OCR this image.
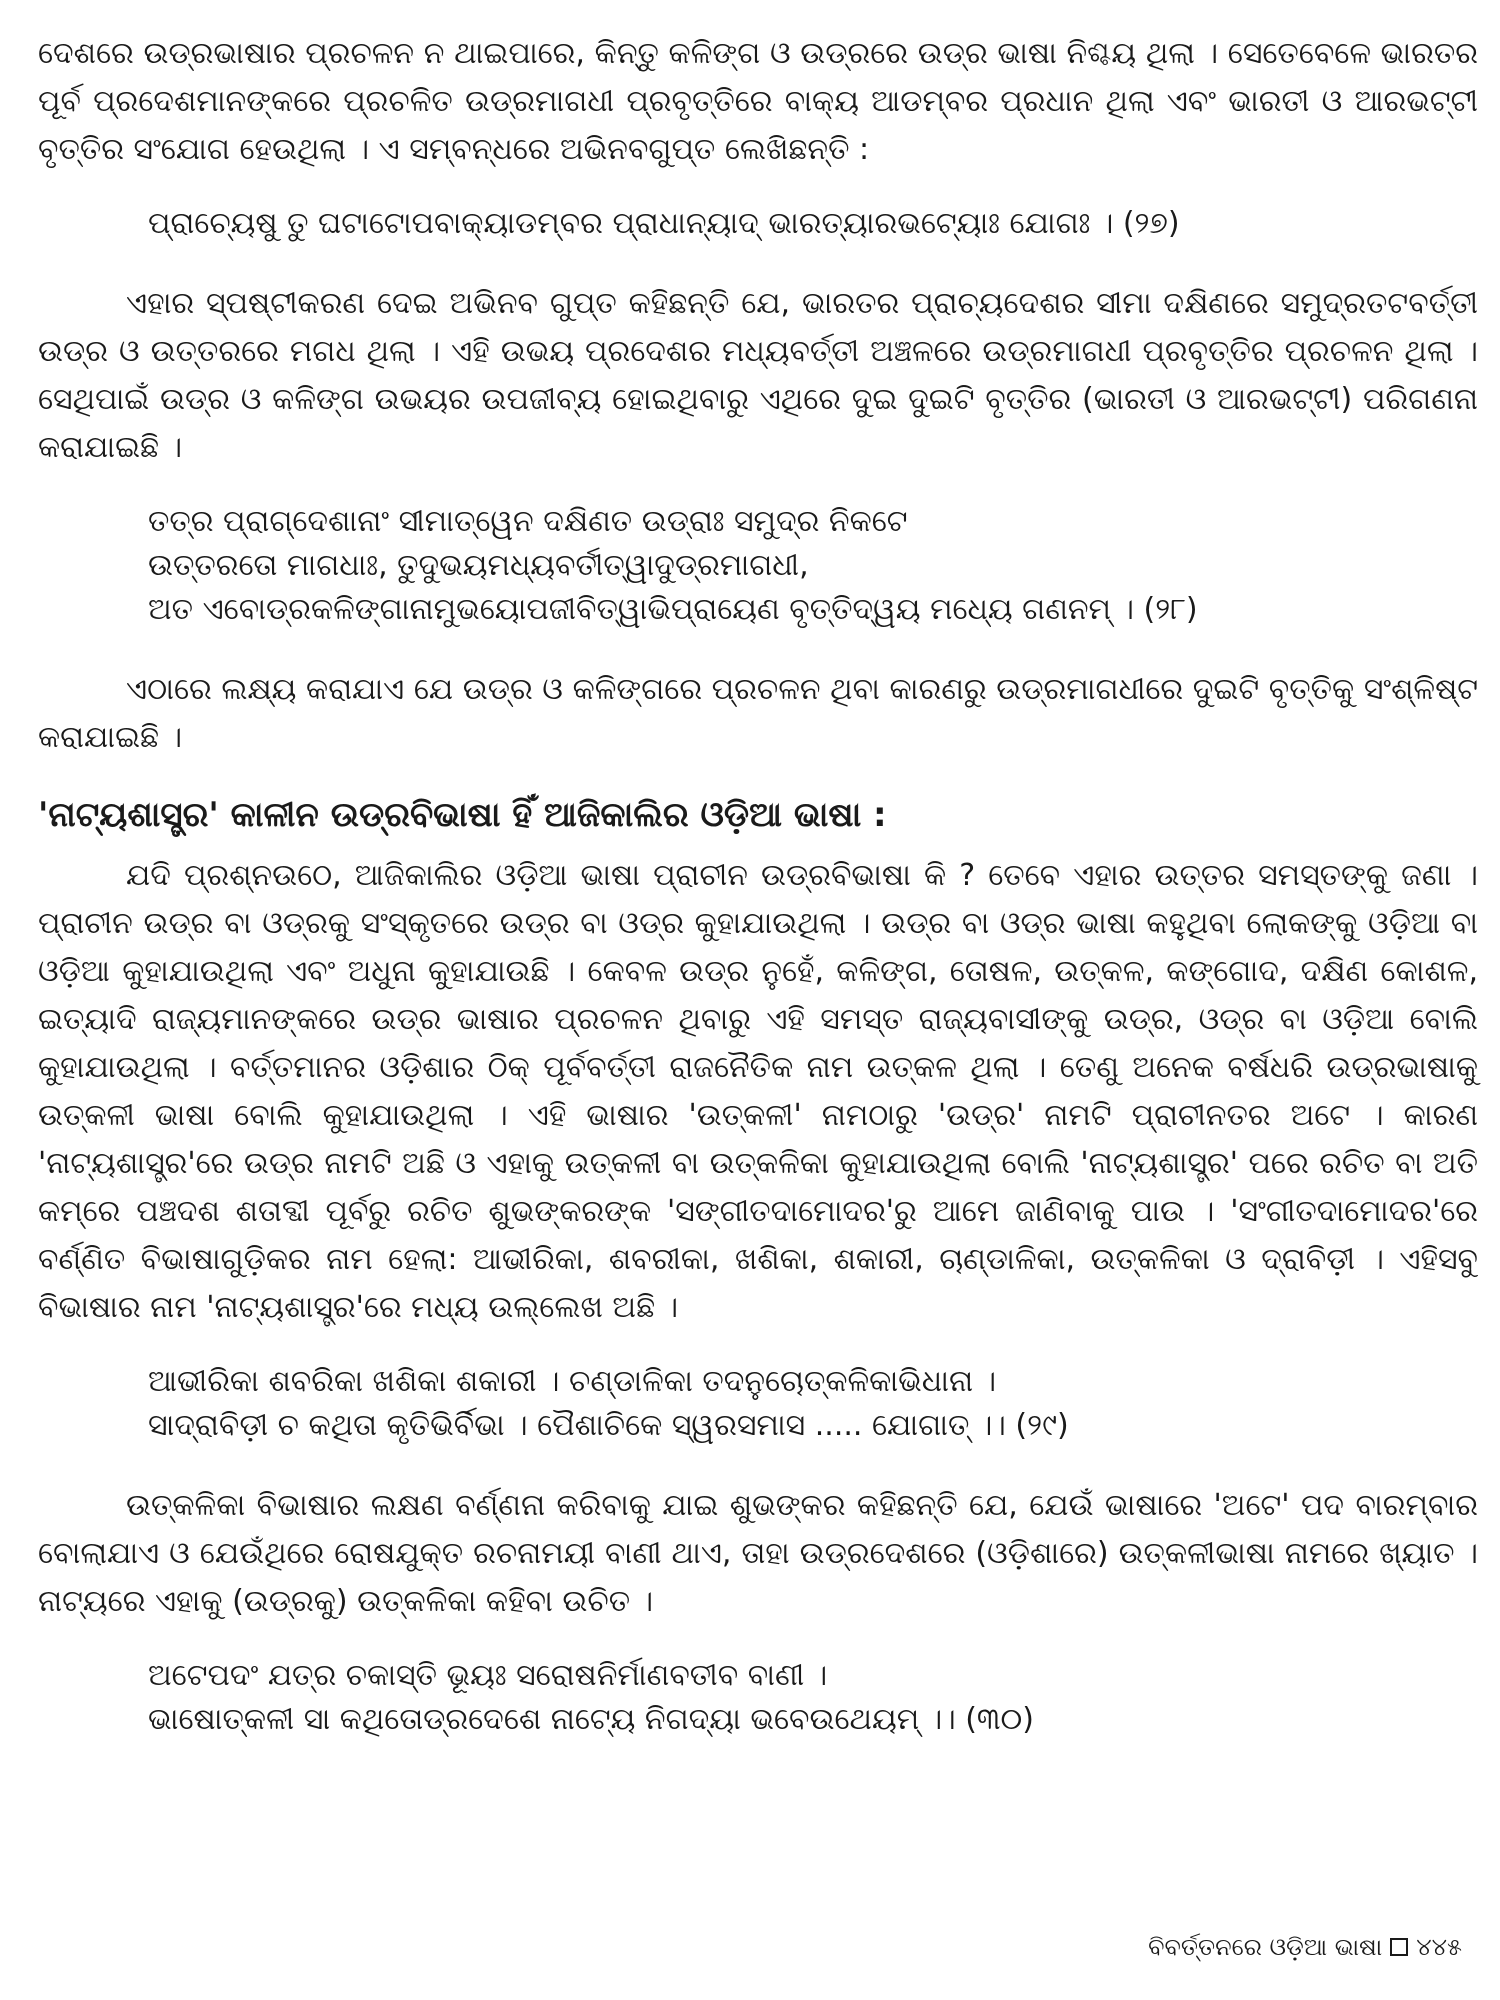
ଦେଶରେ ଉଡ୍ରଭାଷାର ପ୍ରଚଳନ ନ ଥାଇପାରେ, କିନ୍ତୁ କଳିଙ୍ଗ ଓ ଉଡ୍ରରେ ଉଡ୍ର ଭାଷା ନିଶ୍ଚୟ ଥିଲା । ସେତେବେଳେ ଭାରତର ପୂର୍ବ ପ୍ରଦେଶମାନଙ୍କରେ ପ୍ରଚଳିତ ଉଡ୍ରମାଗଧୀ ପ୍ରବୃତ୍ତିରେ ବାକ୍ୟ ଆଡମ୍ବର ପ୍ରଧାନ ଥିଲା ଏବଂ ଭାରତୀ ଓ ଆରଭଟ୍ଟୀ ବୃତ୍ତିର ସଂଯୋଗ ହେଉଥିଲା । ଏ ସମ୍ବନ୍ଧରେ ଅଭିନବଗୁପ୍ତ ଲେଖିଛନ୍ତି :

ପ୍ରାଚ୍ୟେଷୁ ତୁ ଘଟାଟୋପବାକ୍ୟାଡମ୍ବର ପ୍ରାଧାନ୍ୟାଦ୍ ଭାରତ୍ୟାରଭଟ୍ୟୋଃ ଯୋଗଃ । (୨୭)

ଏହାର ସ୍ପଷ୍ଟୀକରଣ ଦେଇ ଅଭିନବ ଗୁପ୍ତ କହିଛନ୍ତି ଯେ, ଭାରତର ପ୍ରାଚ୍ୟଦେଶର ସୀମା ଦକ୍ଷିଣରେ ସମୁଦ୍ରତଟବର୍ତ୍ତୀ ଉଡ୍ର ଓ ଉତ୍ତରରେ ମଗଧ ଥିଲା । ଏହି ଉଭୟ ପ୍ରଦେଶର ମଧ୍ୟବର୍ତ୍ତୀ ଅଞ୍ଚଳରେ ଉଡ୍ରମାଗଧୀ ପ୍ରବୃତ୍ତିର ପ୍ରଚଳନ ଥିଲା । ସେଥିପାଇଁ ଉଡ୍ର ଓ କଳିଙ୍ଗ ଉଭୟର ଉପଜୀବ୍ୟ ହୋଇଥିବାରୁ ଏଥିରେ ଦୁଇ ଦୁଇଟି ବୃତ୍ତିର (ଭାରତୀ ଓ ଆରଭଟ୍ଟୀ) ପରିଗଣନା କରାଯାଇଛି ।

ତତ୍ର ପ୍ରାଗ୍‌ଦେଶାନାଂ ସୀମାତ୍ୱେନ ଦକ୍ଷିଣତ ଉଡ୍ରାଃ ସମୁଦ୍ର ନିକଟେ
ଉତ୍ତରତୋ ମାଗଧାଃ, ତୁଦୁଭୟମଧ୍ୟବର୍ତୀତ୍ୱାଦୁଡ୍ରମାଗଧୀ,
ଅତ ଏବୋଡ୍ରକଳିଙ୍ଗାନାମୁଭୟୋପଜୀବିତ୍ୱାଭିପ୍ରାୟେଣ ବୃତ୍ତିଦ୍ୱୟ ମଧ୍ୟେ ଗଣନମ୍ । (୨୮)

ଏଠାରେ ଲକ୍ଷ୍ୟ କରାଯାଏ ଯେ ଉଡ୍ର ଓ କଳିଙ୍ଗରେ ପ୍ରଚଳନ ଥିବା କାରଣରୁ ଉଡ୍ରମାଗଧୀରେ ଦୁଇଟି ବୃତ୍ତିକୁ ସଂଶ୍ଳିଷ୍ଟ କରାଯାଇଛି ।

'ନାଟ୍ୟଶାସ୍ତ୍ର' କାଳୀନ ଉଡ୍ରବିଭାଷା ହିଁ ଆଜିକାଲିର ଓଡ଼ିଆ ଭାଷା :

ଯଦି ପ୍ରଶ୍ନଉଠେ, ଆଜିକାଲିର ଓଡ଼ିଆ ଭାଷା ପ୍ରାଚୀନ ଉଡ୍ରବିଭାଷା କି ? ତେବେ ଏହାର ଉତ୍ତର ସମସ୍ତଙ୍କୁ ଜଣା । ପ୍ରାଚୀନ ଉଡ୍ର ବା ଓଡ୍ରକୁ ସଂସ୍କୃତରେ ଉଡ୍ର ବା ଓଡ୍ର କୁହାଯାଉଥିଲା । ଉଡ୍ର ବା ଓଡ୍ର ଭାଷା କହୁଥିବା ଲୋକଙ୍କୁ ଓଡ଼ିଆ ବା ଓଡ଼ିଆ କୁହାଯାଉଥିଲା ଏବଂ ଅଧୁନା କୁହାଯାଉଛି । କେବଳ ଉଡ୍ର ନୁହେଁ, କଳିଙ୍ଗ, ତୋଷଳ, ଉତ୍କଳ, କଙ୍ଗୋଦ, ଦକ୍ଷିଣ କୋଶଳ, ଇତ୍ୟାଦି ରାଜ୍ୟମାନଙ୍କରେ ଉଡ୍ର ଭାଷାର ପ୍ରଚଳନ ଥିବାରୁ ଏହି ସମସ୍ତ ରାଜ୍ୟବାସୀଙ୍କୁ ଉଡ୍ର, ଓଡ୍ର ବା ଓଡ଼ିଆ ବୋଲି କୁହାଯାଉଥିଲା । ବର୍ତ୍ତମାନର ଓଡ଼ିଶାର ଠିକ୍ ପୂର୍ବବର୍ତ୍ତୀ ରାଜନୈତିକ ନାମ ଉତ୍କଳ ଥିଲା । ତେଣୁ ଅନେକ ବର୍ଷଧରି ଉଡ୍ରଭାଷାକୁ ଉତ୍କଳୀ ଭାଷା ବୋଲି କୁହାଯାଉଥିଲା । ଏହି ଭାଷାର 'ଉତ୍କଳୀ' ନାମଠାରୁ 'ଉଡ୍ର' ନାମଟି ପ୍ରାଚୀନତର ଅଟେ । କାରଣ 'ନାଟ୍ୟଶାସ୍ତ୍ର'ରେ ଉଡ୍ର ନାମଟି ଅଛି ଓ ଏହାକୁ ଉତ୍କଳୀ ବା ଉତ୍କଳିକା କୁହାଯାଉଥିଲା ବୋଲି 'ନାଟ୍ୟଶାସ୍ତ୍ର' ପରେ ରଚିତ ବା ଅତି କମ୍‌ରେ ପଞ୍ଚଦଶ ଶତାବ୍ଦୀ ପୂର୍ବରୁ ରଚିତ ଶୁଭଙ୍କରଙ୍କ 'ସଙ୍ଗୀତଦାମୋଦର'ରୁ ଆମେ ଜାଣିବାକୁ ପାଉ । 'ସଂଗୀତଦାମୋଦର'ରେ ବର୍ଣ୍ଣିତ ବିଭାଷାଗୁଡ଼ିକର ନାମ ହେଲା: ଆଭୀରିକା, ଶବରୀକା, ଖଶିକା, ଶକାରୀ, ଚାଣ୍ଡାଳିକା, ଉତ୍କଳିକା ଓ ଦ୍ରାବିଡ଼ୀ । ଏହିସବୁ ବିଭାଷାର ନାମ 'ନାଟ୍ୟଶାସ୍ତ୍ର'ରେ ମଧ୍ୟ ଉଲ୍ଲେଖ ଅଛି ।

ଆଭୀରିକା ଶବରିକା ଖଶିକା ଶକାରୀ । ଚଣ୍ଡାଳିକା ତଦନୁଚୋତ୍କଳିକାଭିଧାନା ।
ସାଦ୍ରାବିଡ଼ୀ ଚ କଥିତା କୃତିଭିର୍ବିଭା । ପୈଶାଚିକେ ସ୍ୱରସମାସ ..... ଯୋଗାତ୍ ।। (୨୯)

ଉତ୍କଳିକା ବିଭାଷାର ଲକ୍ଷଣ ବର୍ଣ୍ଣନା କରିବାକୁ ଯାଇ ଶୁଭଙ୍କର କହିଛନ୍ତି ଯେ, ଯେଉଁ ଭାଷାରେ 'ଅଟେ' ପଦ ବାରମ୍ବାର ବୋଲାଯାଏ ଓ ଯେଉଁଥିରେ ରୋଷଯୁକ୍ତ ରଚନାମୟୀ ବାଣୀ ଥାଏ, ତାହା ଉଡ୍ରଦେଶରେ (ଓଡ଼ିଶାରେ) ଉତ୍କଳୀଭାଷା ନାମରେ ଖ୍ୟାତ । ନାଟ୍ୟରେ ଏହାକୁ (ଉଡ୍ରକୁ) ଉତ୍କଳିକା କହିବା ଉଚିତ ।

ଅଟେପଦଂ ଯତ୍ର ଚକାସ୍ତି ଭୂୟଃ ସରୋଷନିର୍ମାଣବତୀବ ବାଣୀ ।
ଭାଷୋତ୍କଳୀ ସା କଥିତୋଡ୍ରଦେଶେ ନାଟ୍ୟେ ନିଗଦ୍ୟା ଭବେଉଥେୟମ୍ ।। (୩୦)
ବିବର୍ତ୍ତନରେ ଓଡ଼ିଆ ଭାଷା ୪୪୫
